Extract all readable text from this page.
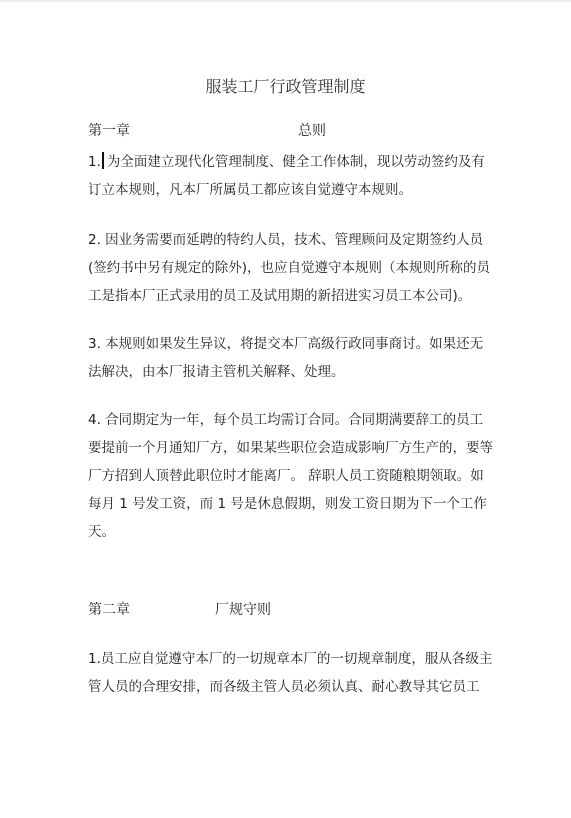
服装工厂行政管理制度
第一章	总则

1. 为全面建立现代化管理制度、健全工作体制，现以劳动签约及有订立本规则，凡本厂所属员工都应该自觉遵守本规则。

2. 因业务需要而延聘的特约人员，技术、管理顾问及定期签约人员(签约书中另有规定的除外)，也应自觉遵守本规则（本规则所称的员工是指本厂正式录用的员工及试用期的新招进实习员工本公司)。

3. 本规则如果发生异议，将提交本厂高级行政同事商讨。如果还无法解决，由本厂报请主管机关解释、处理。

4. 合同期定为一年，每个员工均需订合同。合同期满要辞工的员工要提前一个月通知厂方，如果某些职位会造成影响厂方生产的，要等厂方招到人顶替此职位时才能离厂。 辞职人员工资随粮期领取。如每月 1 号发工资，而 1 号是休息假期，则发工资日期为下一个工作天。

第二章	厂规守则

1.员工应自觉遵守本厂的一切规章本厂的一切规章制度，服从各级主管人员的合理安排，而各级主管人员必须认真、耐心教导其它员工
